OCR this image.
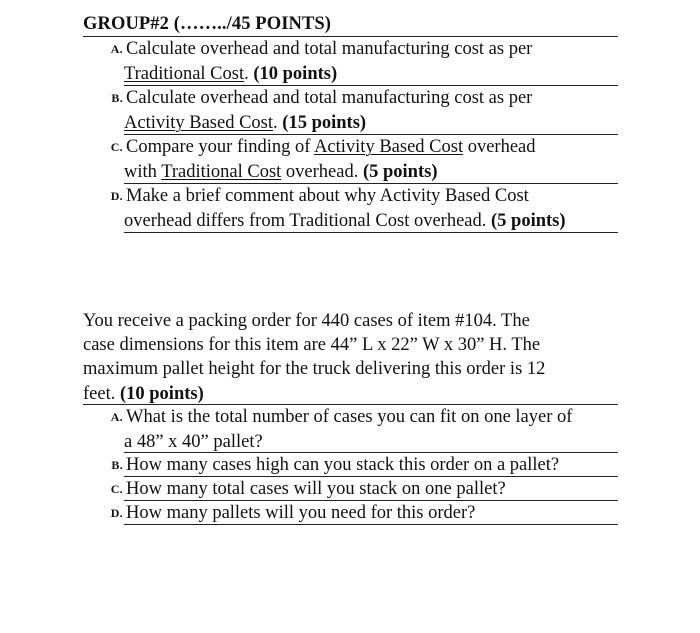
GROUP#2 (……../45 POINTS)
A. Calculate overhead and total manufacturing cost as per
Traditional Cost. (10 points)
B. Calculate overhead and total manufacturing cost as per
Activity Based Cost. (15 points)
C. Compare your finding of Activity Based Cost overhead
with Traditional Cost overhead. (5 points)
D. Make a brief comment about why Activity Based Cost
overhead differs from Traditional Cost overhead. (5 points)
You receive a packing order for 440 cases of item #104. The
case dimensions for this item are 44” L x 22” W x 30” H. The
maximum pallet height for the truck delivering this order is 12
feet. (10 points)
A. What is the total number of cases you can fit on one layer of
a 48” x 40” pallet?
B. How many cases high can you stack this order on a pallet?
C. How many total cases will you stack on one pallet?
D. How many pallets will you need for this order?
